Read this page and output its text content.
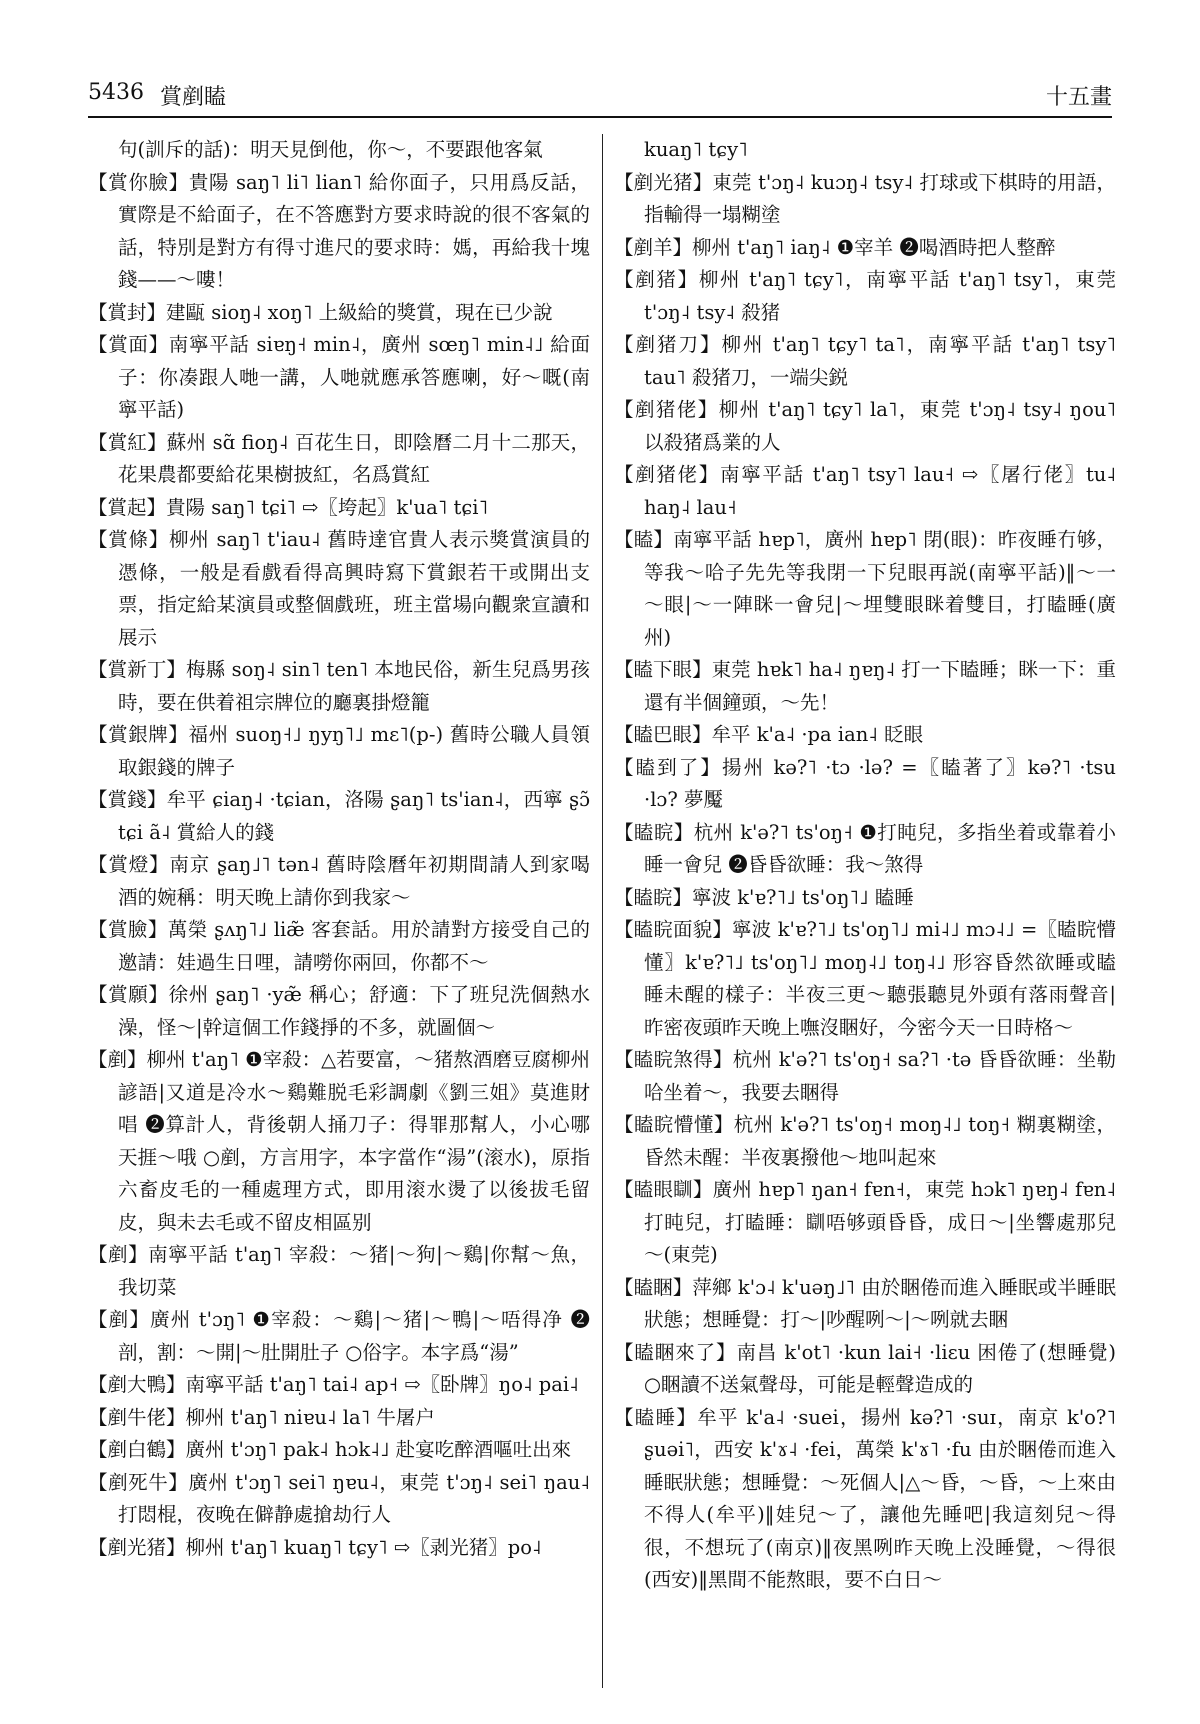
5436 賞剷瞌	十五畫
句(訓斥的話)：明天見倒他，你～，不要跟他客氣
【賞你臉】貴陽 saŋ˥ li˥ lian˥ 給你面子，只用爲反話，實際是不給面子，在不答應對方要求時說的很不客氣的話，特別是對方有得寸進尺的要求時：媽，再給我十塊錢——～嘍！
【賞封】建甌 sioŋ˨ xoŋ˥ 上級給的獎賞，現在已少說
【賞面】南寧平話 siɐŋ˧ min˨，廣州 sœŋ˥ min˨˩ 給面子：你凑跟人哋一講，人哋就應承答應喇，好～嘅(南寧平話)
【賞紅】蘇州 sɑ̃ fioŋ˨ 百花生日，即陰曆二月十二那天，花果農都要給花果樹披紅，名爲賞紅
【賞起】貴陽 saŋ˥ tɕi˥ ⇨〖垮起〗k'ua˥ tɕi˥
【賞條】柳州 saŋ˥ t'iau˨ 舊時達官貴人表示獎賞演員的憑條，一般是看戲看得高興時寫下賞銀若干或開出支票，指定給某演員或整個戲班，班主當場向觀衆宣讀和展示
【賞新丁】梅縣 soŋ˨ sin˥ ten˥ 本地民俗，新生兒爲男孩時，要在供着祖宗牌位的廳裏掛燈籠
【賞銀牌】福州 suoŋ˧˩ ŋyŋ˥˩ mɛ˥(p-) 舊時公職人員領取銀錢的牌子
【賞錢】牟平 ɕiaŋ˨ ·tɕian，洛陽 ʂaŋ˥ ts'ian˨，西寧 ʂɔ̃ tɕi ã˨ 賞給人的錢
【賞燈】南京 ʂaŋ˩˥ tən˨ 舊時陰曆年初期間請人到家喝酒的婉稱：明天晚上請你到我家～
【賞臉】萬榮 ʂʌŋ˥˩ liæ̃ 客套話。用於請對方接受自己的邀請：娃過生日哩，請嘮你兩回，你都不～
【賞願】徐州 ʂaŋ˥ ·yæ̃ 稱心；舒適：下了班兒洗個熱水澡，怪～|幹這個工作錢掙的不多，就圖個～
【剷】柳州 t'aŋ˥ ❶宰殺：△若要富，～猪熬酒磨豆腐柳州諺語|又道是冷水～鷄難脱毛彩調劇《劉三姐》莫進財唱 ❷算計人，背後朝人捅刀子：得罪那幫人，小心哪天捱～哦 ○剷，方言用字，本字當作“湯”(滚水)，原指六畜皮毛的一種處理方式，即用滚水燙了以後拔毛留皮，與未去毛或不留皮相區别
【剷】南寧平話 t'aŋ˥ 宰殺：～猪|～狗|～鷄|你幫～魚，我切菜
【剷】廣州 t'ɔŋ˥ ❶宰殺：～鷄|～猪|～鴨|～唔得净 ❷剖，割：～開|～肚開肚子 ○俗字。本字爲“湯”
【剷大鴨】南寧平話 t'aŋ˥ tai˨ ap˧ ⇨〖卧牌〗ŋo˨ pai˨
【剷牛佬】柳州 t'aŋ˥ niɐu˨ la˥ 牛屠户
【剷白鶴】廣州 t'ɔŋ˥ pak˨ hɔk˨˩ 赴宴吃醉酒嘔吐出來
【剷死牛】廣州 t'ɔŋ˥ sei˥ ŋɐu˨，東莞 t'ɔŋ˨ sei˥ ŋau˨ 打悶棍，夜晚在僻静處搶劫行人
【剷光猪】柳州 t'aŋ˥ kuaŋ˥ tɕy˥ ⇨〖剥光猪〗po˨
kuaŋ˥ tɕy˥
【剷光猪】東莞 t'ɔŋ˨ kuɔŋ˨ tsy˨ 打球或下棋時的用語，指輸得一塌糊塗
【剷羊】柳州 t'aŋ˥ iaŋ˨ ❶宰羊 ❷喝酒時把人整醉
【剷猪】柳州 t'aŋ˥ tɕy˥，南寧平話 t'aŋ˥ tsy˥，東莞 t'ɔŋ˨ tsy˨ 殺猪
【剷猪刀】柳州 t'aŋ˥ tɕy˥ ta˥，南寧平話 t'aŋ˥ tsy˥ tau˥ 殺猪刀，一端尖鋭
【剷猪佬】柳州 t'aŋ˥ tɕy˥ la˥，東莞 t'ɔŋ˨ tsy˨ ŋou˥ 以殺猪爲業的人
【剷猪佬】南寧平話 t'aŋ˥ tsy˥ lau˧ ⇨〖屠行佬〗tu˨ haŋ˨ lau˧
【瞌】南寧平話 hɐp˥，廣州 hɐp˥ 閉(眼)：昨夜睡冇够，等我～哈子先先等我閉一下兒眼再説(南寧平話)‖～一～眼|～一陣眯一會兒|～埋雙眼眯着雙目，打瞌睡(廣州)
【瞌下眼】東莞 hɐk˥ ha˨ ŋɐŋ˨ 打一下瞌睡；眯一下：重還有半個鐘頭，～先！
【瞌巴眼】牟平 k'a˨ ·pa ian˨ 眨眼
【瞌到了】揚州 kə?˥ ·tɔ ·lə? =〖瞌著了〗kə?˥ ·tsu ·lɔ? 夢魘
【瞌睆】杭州 k'ə?˥ ts'oŋ˧ ❶打盹兒，多指坐着或靠着小睡一會兒 ❷昏昏欲睡：我～煞得
【瞌睆】寧波 k'ɐ?˥˩ ts'oŋ˥˩ 瞌睡
【瞌睆面貌】寧波 k'ɐ?˥˩ ts'oŋ˥˩ mi˨˩ mɔ˨˩ =〖瞌睆懵懂〗k'ɐ?˥˩ ts'oŋ˥˩ moŋ˨˩ toŋ˨˩ 形容昏然欲睡或瞌睡未醒的樣子：半夜三更～聽張聽見外頭有落雨聲音|昨密夜頭昨天晚上嘸沒睏好，今密今天一日時格～
【瞌睆煞得】杭州 k'ə?˥ ts'oŋ˧ sa?˥ ·tə 昏昏欲睡：坐勒哈坐着～，我要去睏得
【瞌睆懵懂】杭州 k'ə?˥ ts'oŋ˧ moŋ˨˩ toŋ˧ 糊裏糊塗，昏然未醒：半夜裏撥他～地叫起來
【瞌眼瞓】廣州 hɐp˥ ŋan˧ fɐn˧，東莞 hɔk˥ ŋɐŋ˨ fɐn˨ 打盹兒，打瞌睡：瞓唔够頭昏昏，成日～|坐響處那兒～(東莞)
【瞌睏】萍鄉 k'ɔ˨ k'uəŋ˩˥ 由於睏倦而進入睡眠或半睡眠狀態；想睡覺：打～|吵醒咧～|～咧就去睏
【瞌睏來了】南昌 k'ot˥ ·kun lai˧ ·liɛu 困倦了(想睡覺) ○睏讀不送氣聲母，可能是輕聲造成的
【瞌睡】牟平 k'a˨ ·suei，揚州 kə?˥ ·suɪ，南京 k'o?˥ ʂuəi˥，西安 k'ɤ˨ ·fei，萬榮 k'ɤ˥ ·fu 由於睏倦而進入睡眠狀態；想睡覺：～死個人|△～昏，～昏，～上來由不得人(牟平)‖娃兒～了，讓他先睡吧|我這刻兒～得很，不想玩了(南京)‖夜黑咧昨天晚上没睡覺，～得很(西安)‖黑間不能熬眼，要不白日～
